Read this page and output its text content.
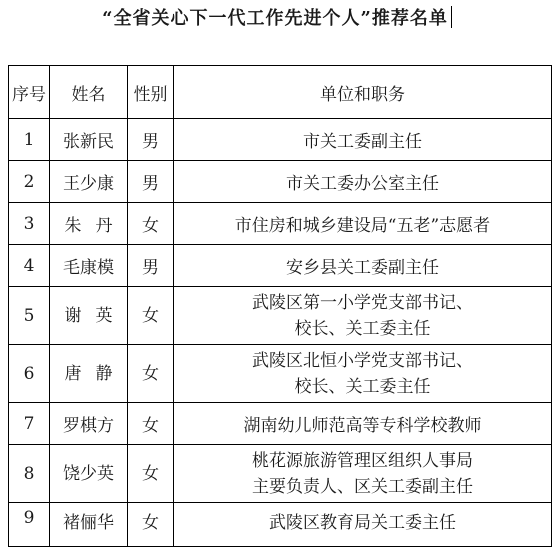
“全省关心下一代工作先进个人”推荐名单
序号	姓名	性别	单位和职务
1	张新民	男	市关工委副主任
2	王少康	男	市关工委办公室主任
3	朱丹	女	市住房和城乡建设局“五老”志愿者
4	毛康模	男	安乡县关工委副主任
5	谢英	女	武陵区第一小学党支部书记、
校长、关工委主任
6	唐静	女	武陵区北恒小学党支部书记、
校长、关工委主任
7	罗棋方	女	湖南幼儿师范高等专科学校教师
8	饶少英	女	桃花源旅游管理区组织人事局
主要负责人、区关工委副主任
9	褚俪华	女	武陵区教育局关工委主任
